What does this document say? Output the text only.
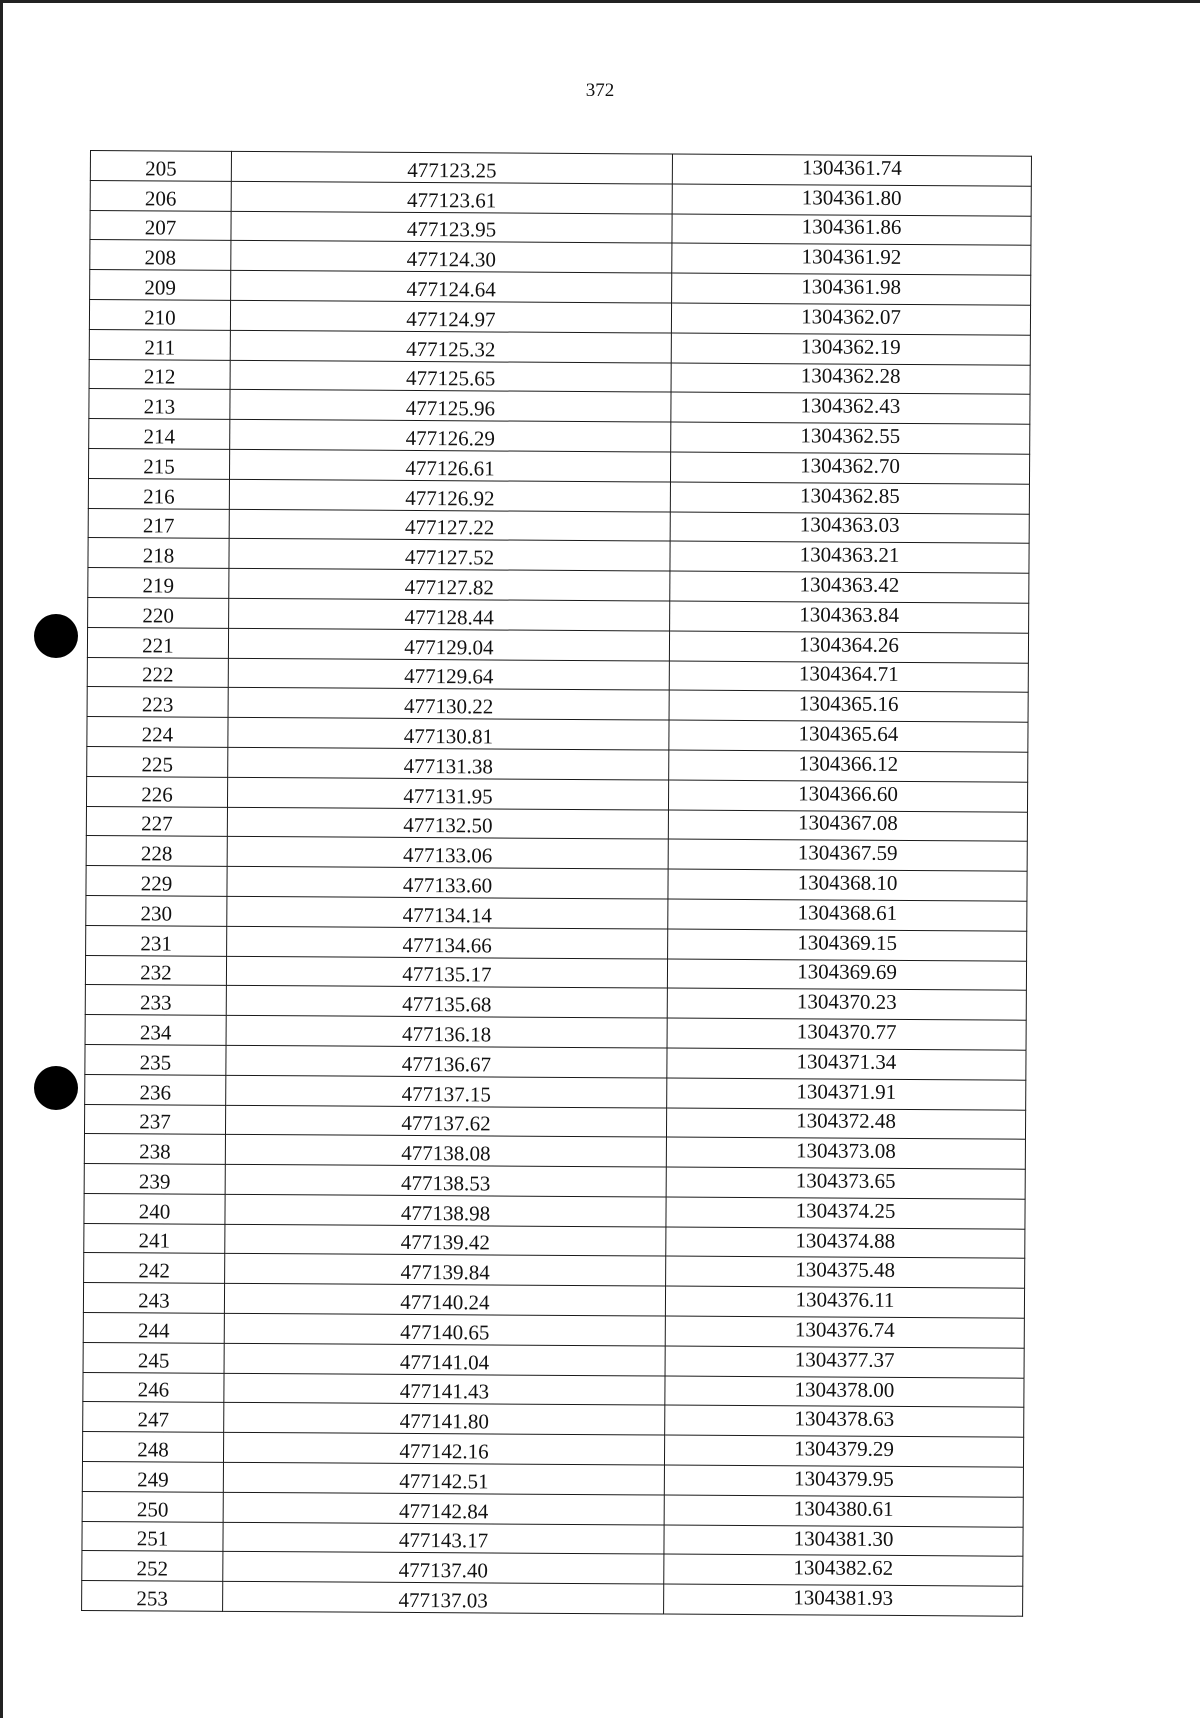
372
205	477123.25	1304361.74
206	477123.61	1304361.80
207	477123.95	1304361.86
208	477124.30	1304361.92
209	477124.64	1304361.98
210	477124.97	1304362.07
211	477125.32	1304362.19
212	477125.65	1304362.28
213	477125.96	1304362.43
214	477126.29	1304362.55
215	477126.61	1304362.70
216	477126.92	1304362.85
217	477127.22	1304363.03
218	477127.52	1304363.21
219	477127.82	1304363.42
220	477128.44	1304363.84
221	477129.04	1304364.26
222	477129.64	1304364.71
223	477130.22	1304365.16
224	477130.81	1304365.64
225	477131.38	1304366.12
226	477131.95	1304366.60
227	477132.50	1304367.08
228	477133.06	1304367.59
229	477133.60	1304368.10
230	477134.14	1304368.61
231	477134.66	1304369.15
232	477135.17	1304369.69
233	477135.68	1304370.23
234	477136.18	1304370.77
235	477136.67	1304371.34
236	477137.15	1304371.91
237	477137.62	1304372.48
238	477138.08	1304373.08
239	477138.53	1304373.65
240	477138.98	1304374.25
241	477139.42	1304374.88
242	477139.84	1304375.48
243	477140.24	1304376.11
244	477140.65	1304376.74
245	477141.04	1304377.37
246	477141.43	1304378.00
247	477141.80	1304378.63
248	477142.16	1304379.29
249	477142.51	1304379.95
250	477142.84	1304380.61
251	477143.17	1304381.30
252	477137.40	1304382.62
253	477137.03	1304381.93
